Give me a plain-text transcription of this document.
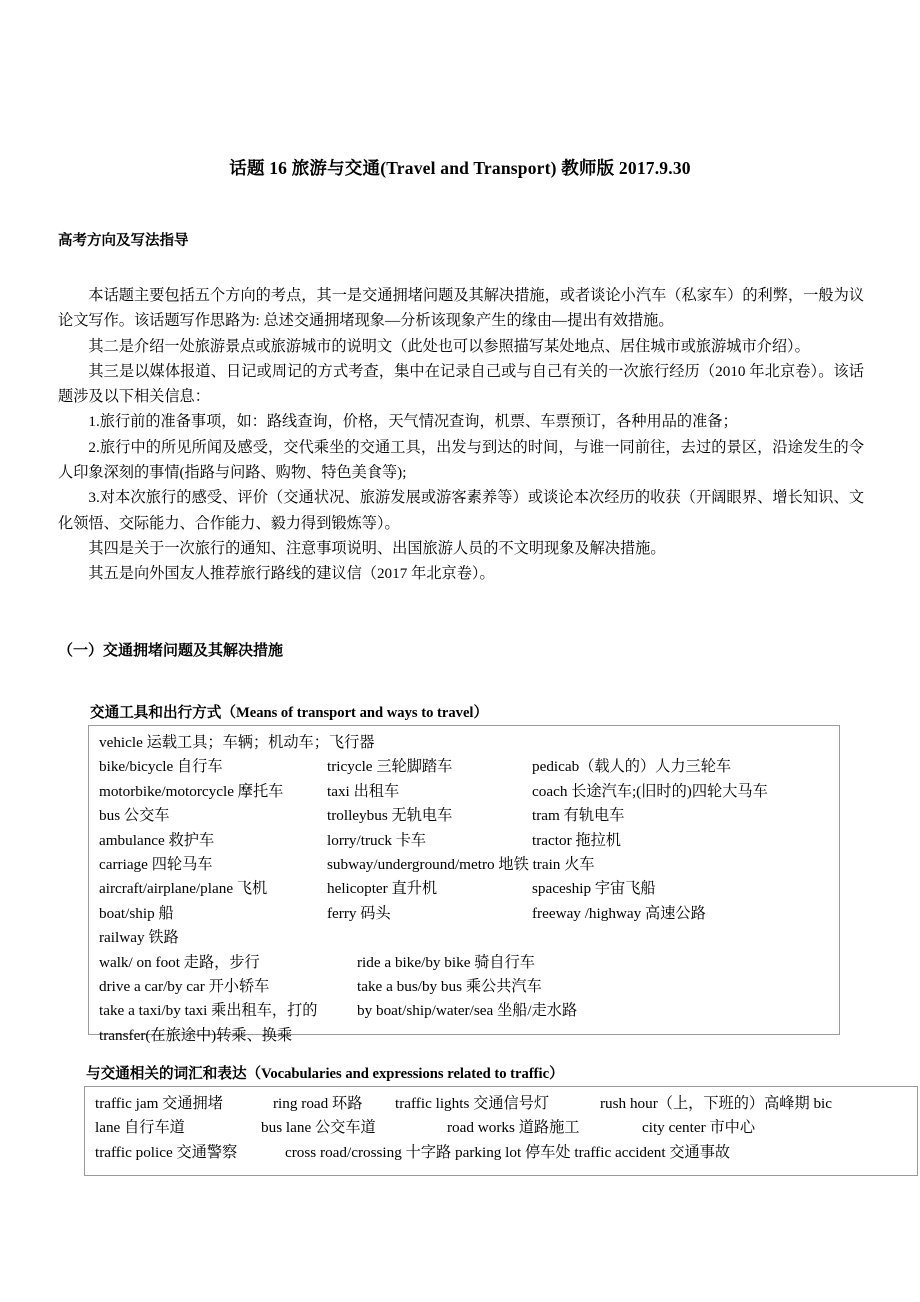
话题 16 旅游与交通(Travel and Transport) 教师版 2017.9.30
高考方向及写法指导

本话题主要包括五个方向的考点，其一是交通拥堵问题及其解决措施，或者谈论小汽车（私家车）的利弊，一般为议论文写作。该话题写作思路为: 总述交通拥堵现象—分析该现象产生的缘由—提出有效措施。

其二是介绍一处旅游景点或旅游城市的说明文（此处也可以参照描写某处地点、居住城市或旅游城市介绍）。

其三是以媒体报道、日记或周记的方式考查，集中在记录自己或与自己有关的一次旅行经历（2010 年北京卷）。该话题涉及以下相关信息：

1.旅行前的准备事项，如：路线查询，价格，天气情况查询，机票、车票预订，各种用品的准备；

2.旅行中的所见所闻及感受，交代乘坐的交通工具，出发与到达的时间，与谁一同前往，去过的景区，沿途发生的令人印象深刻的事情(指路与问路、购物、特色美食等);

3.对本次旅行的感受、评价（交通状况、旅游发展或游客素养等）或谈论本次经历的收获（开阔眼界、增长知识、文化领悟、交际能力、合作能力、毅力得到锻炼等）。

其四是关于一次旅行的通知、注意事项说明、出国旅游人员的不文明现象及解决措施。

其五是向外国友人推荐旅行路线的建议信（2017 年北京卷）。

（一）交通拥堵问题及其解决措施
交通工具和出行方式（Means of transport and ways to travel）
vehicle 运载工具；车辆；机动车；飞行器
bike/bicycle 自行车	tricycle 三轮脚踏车	pedicab（载人的）人力三轮车
motorbike/motorcycle 摩托车	taxi 出租车	coach 长途汽车;(旧时的)四轮大马车
bus 公交车	trolleybus 无轨电车	tram 有轨电车
ambulance 救护车	lorry/truck 卡车	tractor 拖拉机
carriage 四轮马车	subway/underground/metro 地铁 train 火车
aircraft/airplane/plane 飞机	helicopter 直升机	spaceship 宇宙飞船
boat/ship 船	ferry 码头	freeway /highway 高速公路
railway 铁路
walk/ on foot 走路，步行	ride a bike/by bike 骑自行车
drive a car/by car 开小轿车	take a bus/by bus 乘公共汽车
take a taxi/by taxi 乘出租车，打的	by boat/ship/water/sea 坐船/走水路
transfer(在旅途中)转乘、换乘
与交通相关的词汇和表达（Vocabularies and expressions related to traffic）
traffic jam 交通拥堵	ring road 环路 traffic lights 交通信号灯	rush hour（上，下班的）高峰期 bic
lane 自行车道	bus lane 公交车道	road works 道路施工	city center 市中心
traffic police 交通警察	cross road/crossing 十字路 parking lot 停车处 traffic accident 交通事故
